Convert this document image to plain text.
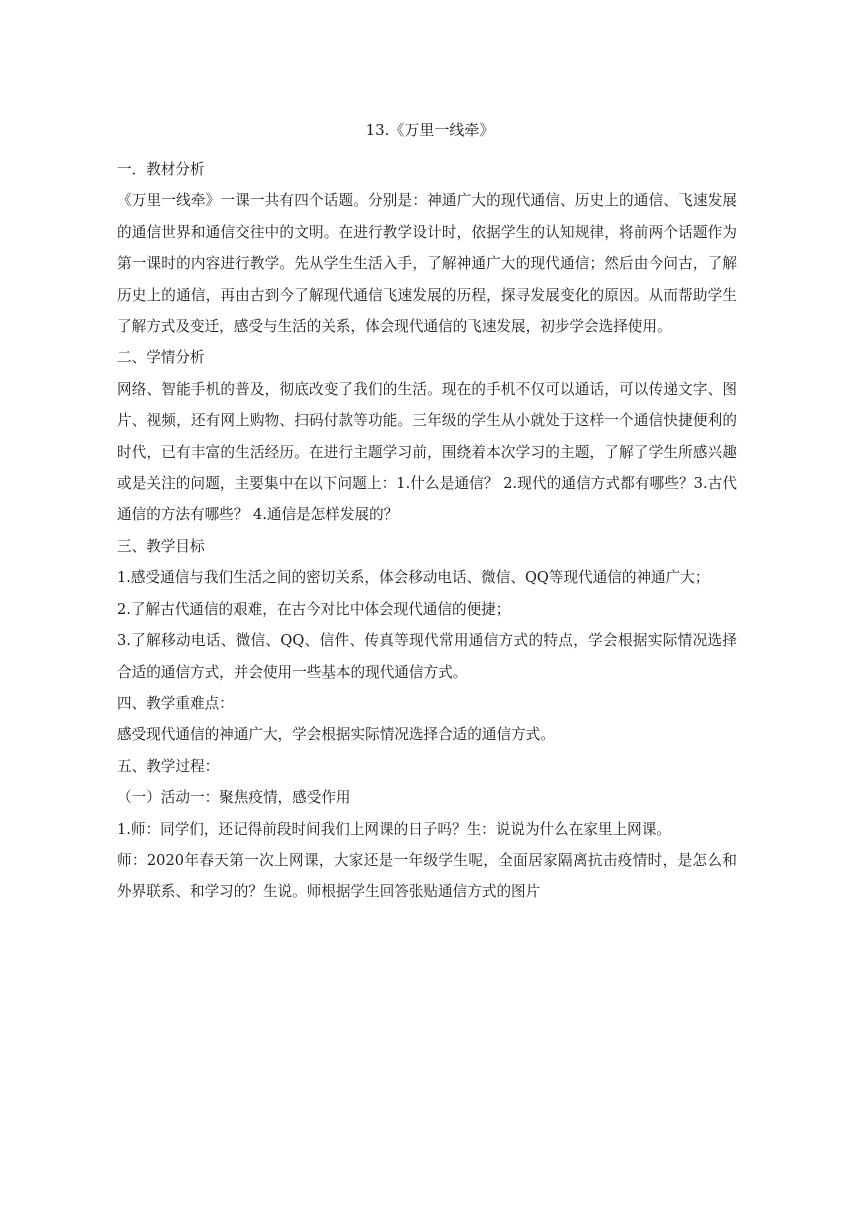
13.《万里一线牵》

一．教材分析

《万里一线牵》一课一共有四个话题。分别是：神通广大的现代通信、历史上的通信、飞速发展的通信世界和通信交往中的文明。在进行教学设计时，依据学生的认知规律，将前两个话题作为第一课时的内容进行教学。先从学生生活入手，了解神通广大的现代通信；然后由今问古，了解历史上的通信，再由古到今了解现代通信飞速发展的历程，探寻发展变化的原因。从而帮助学生了解方式及变迁，感受与生活的关系，体会现代通信的飞速发展，初步学会选择使用。

二、学情分析

网络、智能手机的普及，彻底改变了我们的生活。现在的手机不仅可以通话，可以传递文字、图片、视频，还有网上购物、扫码付款等功能。三年级的学生从小就处于这样一个通信快捷便利的时代，已有丰富的生活经历。在进行主题学习前，围绕着本次学习的主题，了解了学生所感兴趣或是关注的问题，主要集中在以下问题上：1.什么是通信？ 2.现代的通信方式都有哪些？3.古代通信的方法有哪些？ 4.通信是怎样发展的？

三、教学目标

1.感受通信与我们生活之间的密切关系，体会移动电话、微信、QQ等现代通信的神通广大；

2.了解古代通信的艰难，在古今对比中体会现代通信的便捷；

3.了解移动电话、微信、QQ、信件、传真等现代常用通信方式的特点，学会根据实际情况选择合适的通信方式，并会使用一些基本的现代通信方式。

四、教学重难点：

感受现代通信的神通广大，学会根据实际情况选择合适的通信方式。

五、教学过程：

（一）活动一：聚焦疫情，感受作用

1.师：同学们，还记得前段时间我们上网课的日子吗？生：说说为什么在家里上网课。

师：2020年春天第一次上网课，大家还是一年级学生呢，全面居家隔离抗击疫情时，是怎么和外界联系、和学习的？生说。师根据学生回答张贴通信方式的图片
